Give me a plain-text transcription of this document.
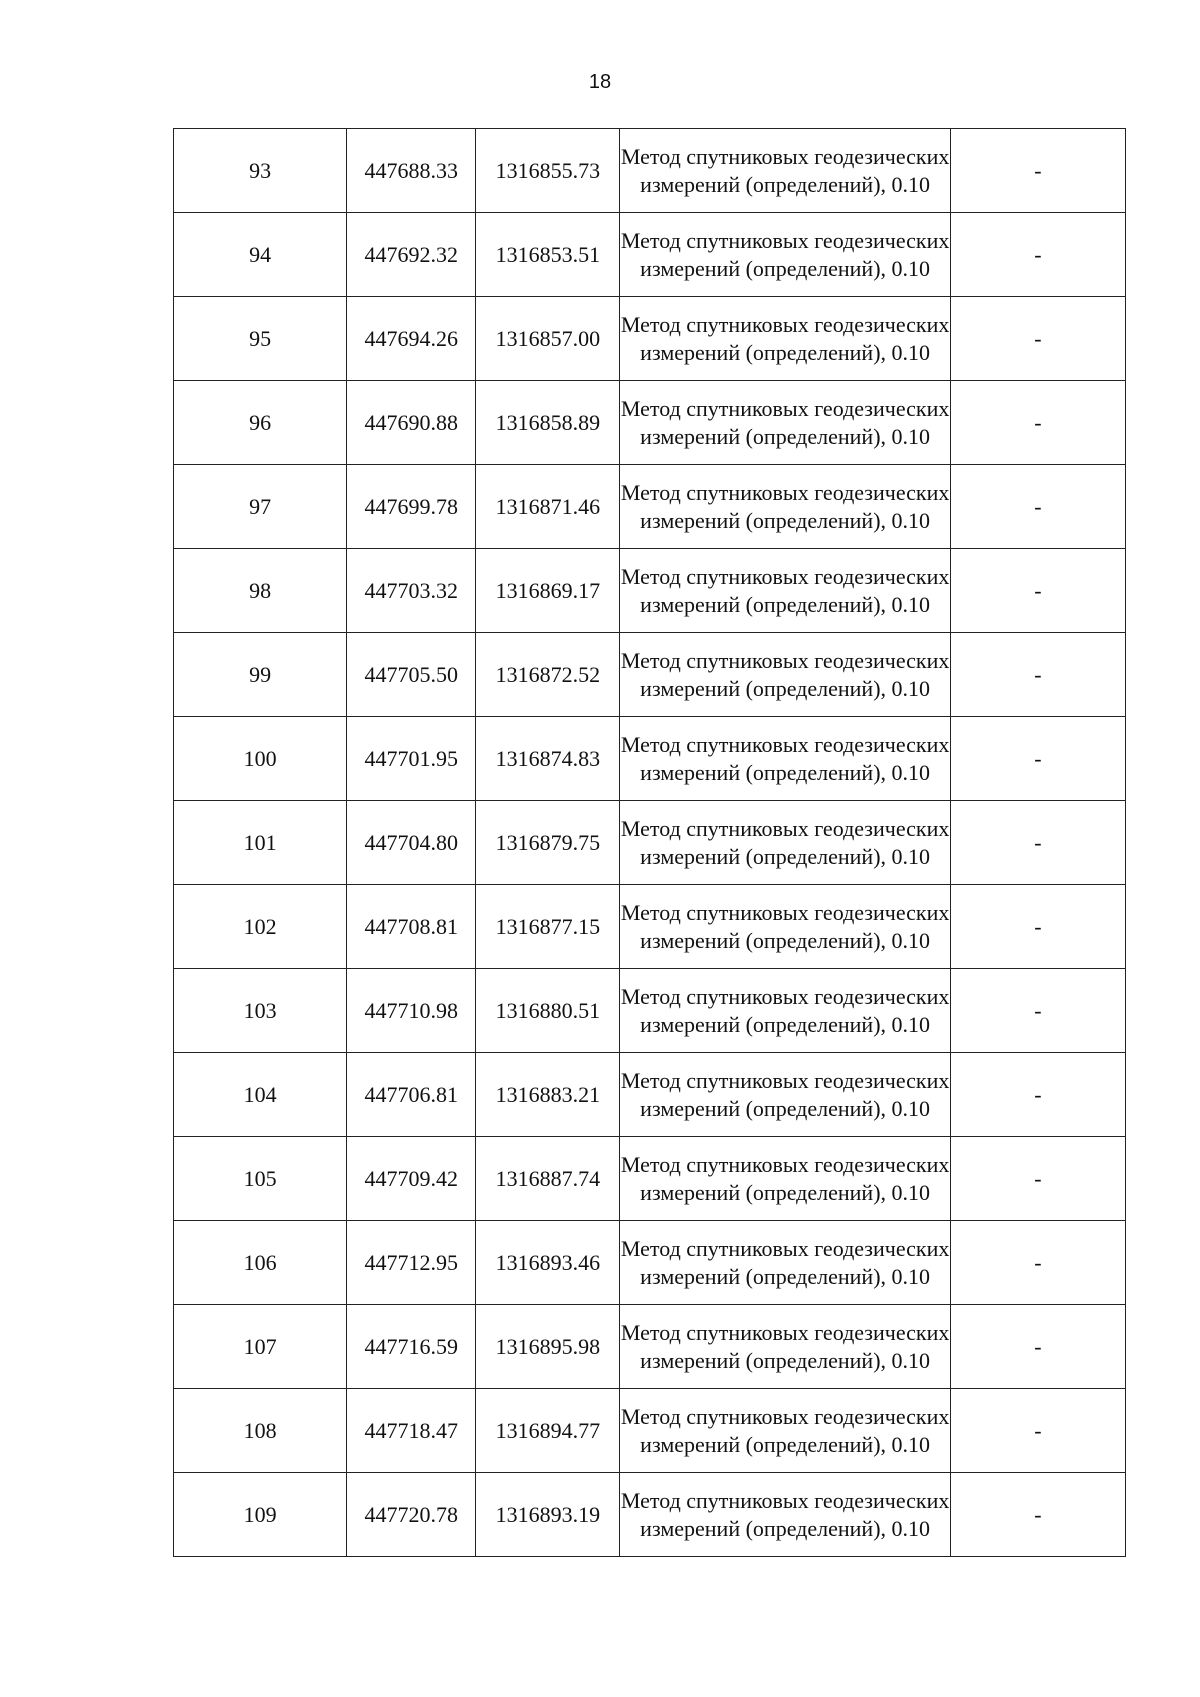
18
93	447688.33	1316855.73	Метод спутниковых геодезических измерений (определений), 0.10	-
94	447692.32	1316853.51	Метод спутниковых геодезических измерений (определений), 0.10	-
95	447694.26	1316857.00	Метод спутниковых геодезических измерений (определений), 0.10	-
96	447690.88	1316858.89	Метод спутниковых геодезических измерений (определений), 0.10	-
97	447699.78	1316871.46	Метод спутниковых геодезических измерений (определений), 0.10	-
98	447703.32	1316869.17	Метод спутниковых геодезических измерений (определений), 0.10	-
99	447705.50	1316872.52	Метод спутниковых геодезических измерений (определений), 0.10	-
100	447701.95	1316874.83	Метод спутниковых геодезических измерений (определений), 0.10	-
101	447704.80	1316879.75	Метод спутниковых геодезических измерений (определений), 0.10	-
102	447708.81	1316877.15	Метод спутниковых геодезических измерений (определений), 0.10	-
103	447710.98	1316880.51	Метод спутниковых геодезических измерений (определений), 0.10	-
104	447706.81	1316883.21	Метод спутниковых геодезических измерений (определений), 0.10	-
105	447709.42	1316887.74	Метод спутниковых геодезических измерений (определений), 0.10	-
106	447712.95	1316893.46	Метод спутниковых геодезических измерений (определений), 0.10	-
107	447716.59	1316895.98	Метод спутниковых геодезических измерений (определений), 0.10	-
108	447718.47	1316894.77	Метод спутниковых геодезических измерений (определений), 0.10	-
109	447720.78	1316893.19	Метод спутниковых геодезических измерений (определений), 0.10	-
